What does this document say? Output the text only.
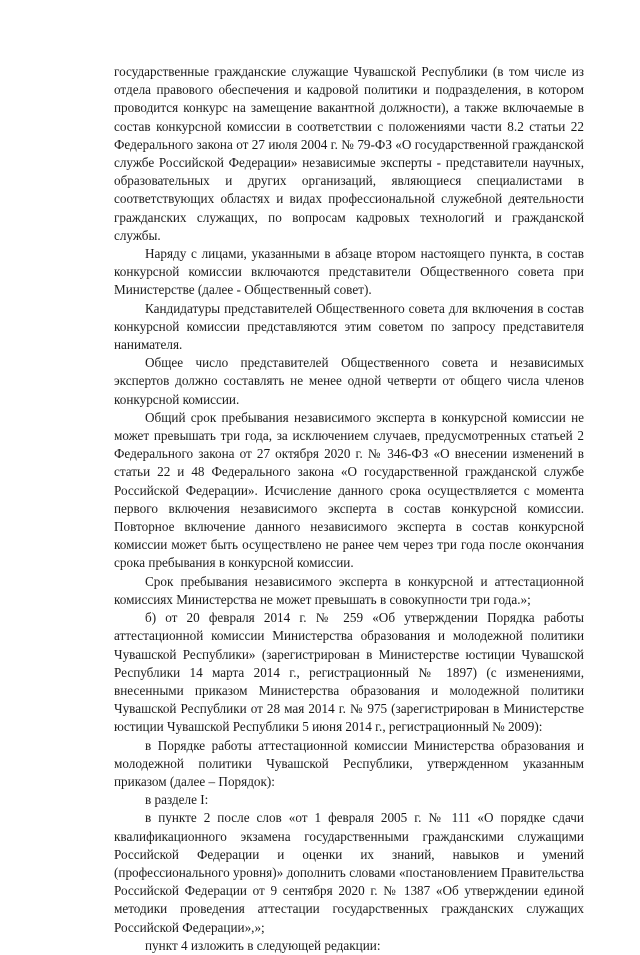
государственные гражданские служащие Чувашской Республики (в том числе из отдела правового обеспечения и кадровой политики и подразделения, в котором проводится конкурс на замещение вакантной должности), а также включаемые в состав конкурсной комиссии в соответствии с положениями части 8.2 статьи 22 Федерального закона от 27 июля 2004 г. № 79-ФЗ «О государственной гражданской службе Российской Федерации» независимые эксперты - представители научных, образовательных и других организаций, являющиеся специалистами в соответствующих областях и видах профессиональной служебной деятельности гражданских служащих, по вопросам кадровых технологий и гражданской службы.

Наряду с лицами, указанными в абзаце втором настоящего пункта, в состав конкурсной комиссии включаются представители Общественного совета при Министерстве (далее - Общественный совет).

Кандидатуры представителей Общественного совета для включения в состав конкурсной комиссии представляются этим советом по запросу представителя нанимателя.

Общее число представителей Общественного совета и независимых экспертов должно составлять не менее одной четверти от общего числа членов конкурсной комиссии.

Общий срок пребывания независимого эксперта в конкурсной комиссии не может превышать три года, за исключением случаев, предусмотренных статьей 2 Федерального закона от 27 октября 2020 г. № 346-ФЗ «О внесении изменений в статьи 22 и 48 Федерального закона «О государственной гражданской службе Российской Федерации». Исчисление данного срока осуществляется с момента первого включения независимого эксперта в состав конкурсной комиссии. Повторное включение данного независимого эксперта в состав конкурсной комиссии может быть осуществлено не ранее чем через три года после окончания срока пребывания в конкурсной комиссии.

Срок пребывания независимого эксперта в конкурсной и аттестационной комиссиях Министерства не может превышать в совокупности три года.»;

б) от 20 февраля 2014 г. № 259 «Об утверждении Порядка работы аттестационной комиссии Министерства образования и молодежной политики Чувашской Республики» (зарегистрирован в Министерстве юстиции Чувашской Республики 14 марта 2014 г., регистрационный № 1897) (с изменениями, внесенными приказом Министерства образования и молодежной политики Чувашской Республики от 28 мая 2014 г. № 975 (зарегистрирован в Министерстве юстиции Чувашской Республики 5 июня 2014 г., регистрационный № 2009):

в Порядке работы аттестационной комиссии Министерства образования и молодежной политики Чувашской Республики, утвержденном указанным приказом (далее – Порядок):

в разделе I:

в пункте 2 после слов «от 1 февраля 2005 г. № 111 «О порядке сдачи квалификационного экзамена государственными гражданскими служащими Российской Федерации и оценки их знаний, навыков и умений (профессионального уровня)» дополнить словами «постановлением Правительства Российской Федерации от 9 сентября 2020 г. № 1387 «Об утверждении единой методики проведения аттестации государственных гражданских служащих Российской Федерации»,»;

пункт 4 изложить в следующей редакции:
